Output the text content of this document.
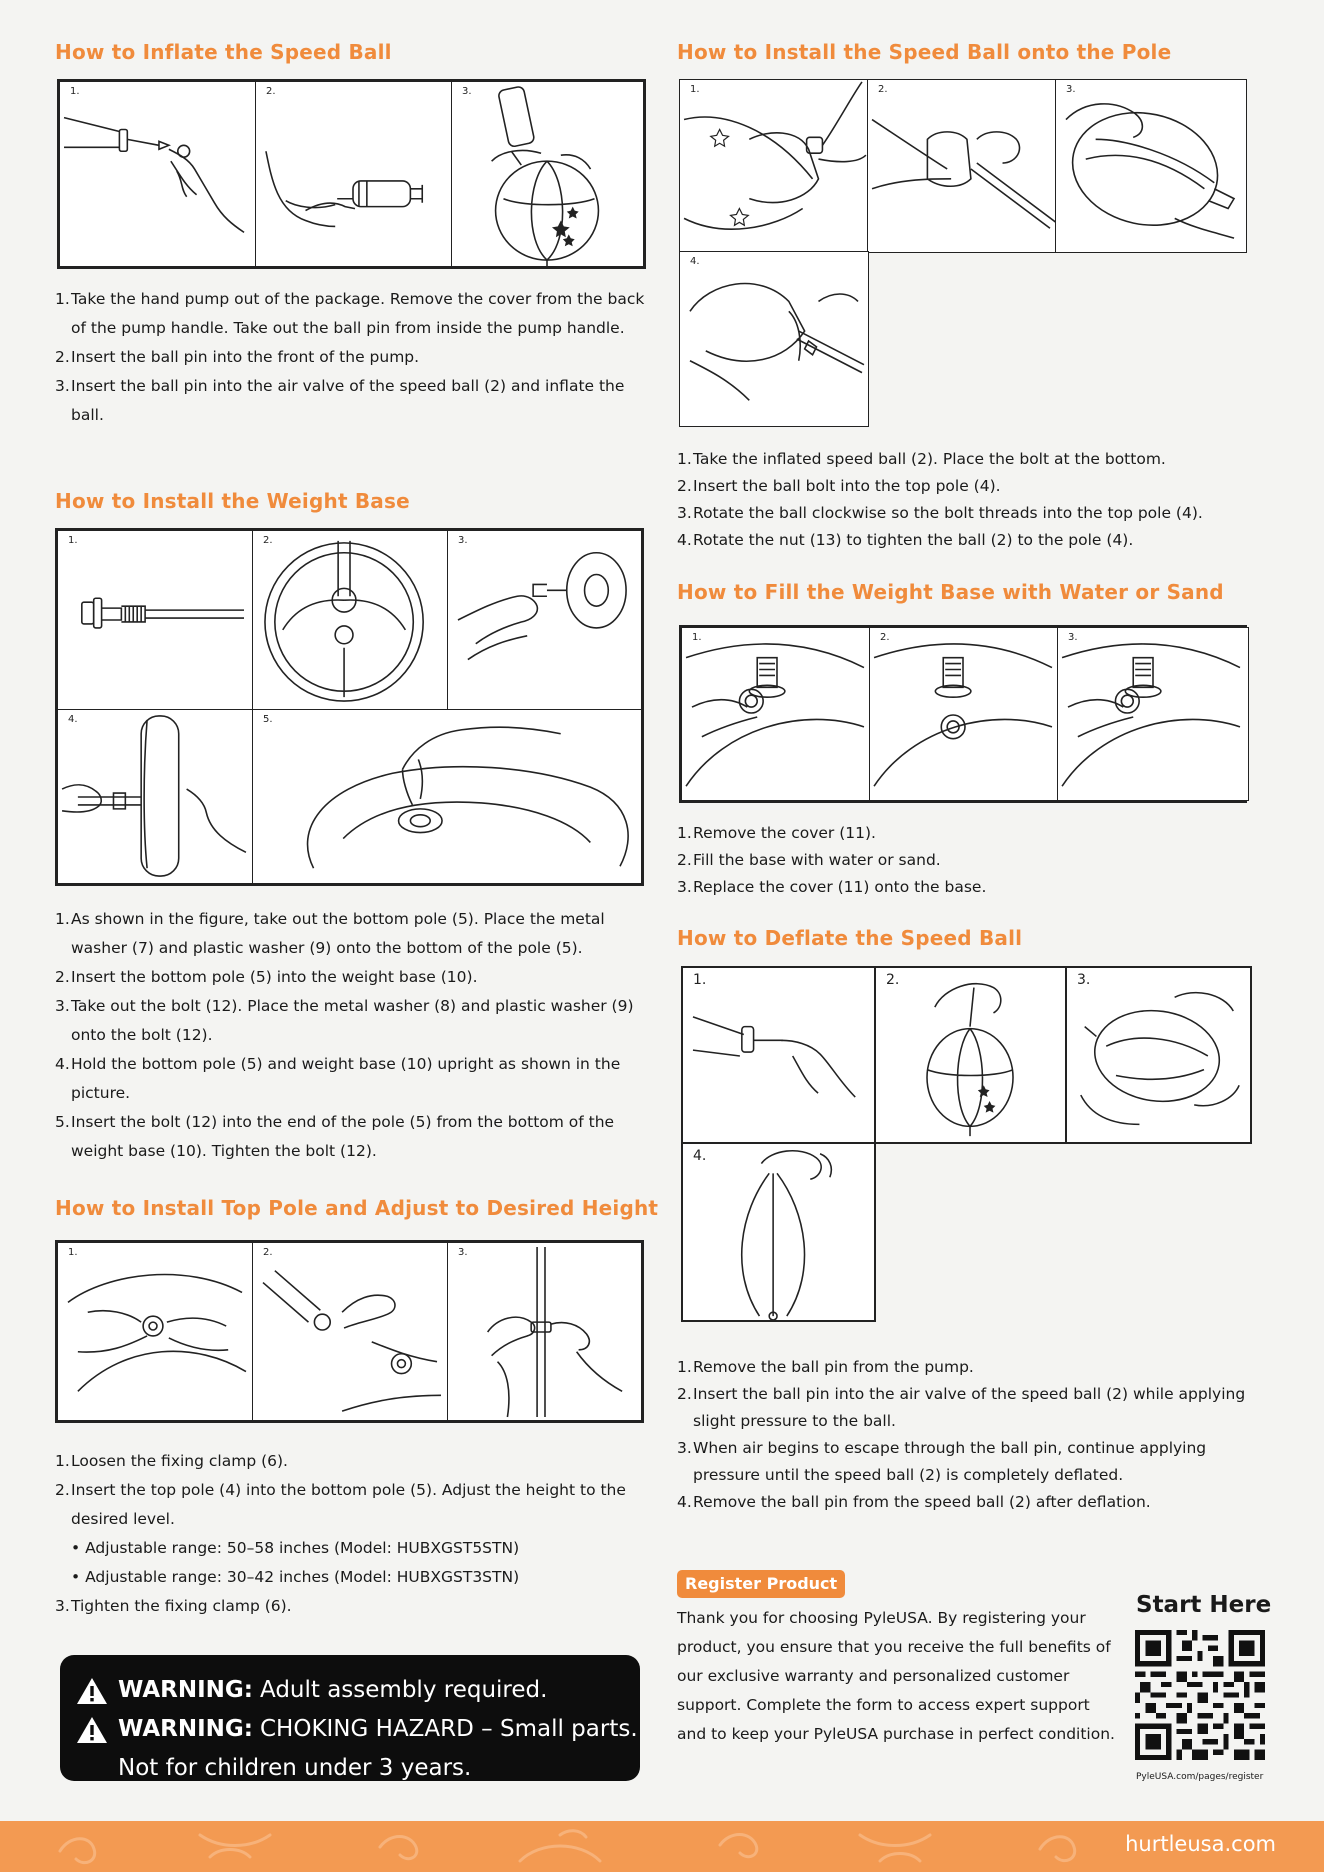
How to Inflate the Speed Ball
1.	2.	3.
1.Take the hand pump out of the package. Remove the cover from the back of the pump handle. Take out the ball pin from inside the pump handle.
2.Insert the ball pin into the front of the pump.
3.Insert the ball pin into the air valve of the speed ball (2) and inflate the ball.
How to Install the Weight Base
1.	2.	3.
4.	5.
1.As shown in the figure, take out the bottom pole (5). Place the metal washer (7) and plastic washer (9) onto the bottom of the pole (5).
2.Insert the bottom pole (5) into the weight base (10).
3.Take out the bolt (12). Place the metal washer (8) and plastic washer (9) onto the bolt (12).
4.Hold the bottom pole (5) and weight base (10) upright as shown in the picture.
5.Insert the bolt (12) into the end of the pole (5) from the bottom of the weight base (10). Tighten the bolt (12).
How to Install Top Pole and Adjust to Desired Height
1.	2.	3.
1.Loosen the fixing clamp (6).
2.Insert the top pole (4) into the bottom pole (5). Adjust the height to the desired level.
• Adjustable range: 50–58 inches (Model: HUBXGST5STN)
• Adjustable range: 30–42 inches (Model: HUBXGST3STN)
3.Tighten the fixing clamp (6).
WARNING: Adult assembly required.
WARNING: CHOKING HAZARD – Small parts.
Not for children under 3 years.
How to Install the Speed Ball onto the Pole
1.	2.	3.
4.
1.Take the inflated speed ball (2). Place the bolt at the bottom.
2.Insert the ball bolt into the top pole (4).
3.Rotate the ball clockwise so the bolt threads into the top pole (4).
4.Rotate the nut (13) to tighten the ball (2) to the pole (4).
How to Fill the Weight Base with Water or Sand
1.	2.	3.
1.Remove the cover (11).
2.Fill the base with water or sand.
3.Replace the cover (11) onto the base.
How to Deflate the Speed Ball
1.	2.	3.
4.
1.Remove the ball pin from the pump.
2.Insert the ball pin into the air valve of the speed ball (2) while applying slight pressure to the ball.
3.When air begins to escape through the ball pin, continue applying pressure until the speed ball (2) is completely deflated.
4.Remove the ball pin from the speed ball (2) after deflation.
Register Product
Thank you for choosing PyleUSA. By registering your product, you ensure that you receive the full benefits of our exclusive warranty and personalized customer support. Complete the form to access expert support and to keep your PyleUSA purchase in perfect condition.
Start Here
PyleUSA.com/pages/register
hurtleusa.com
